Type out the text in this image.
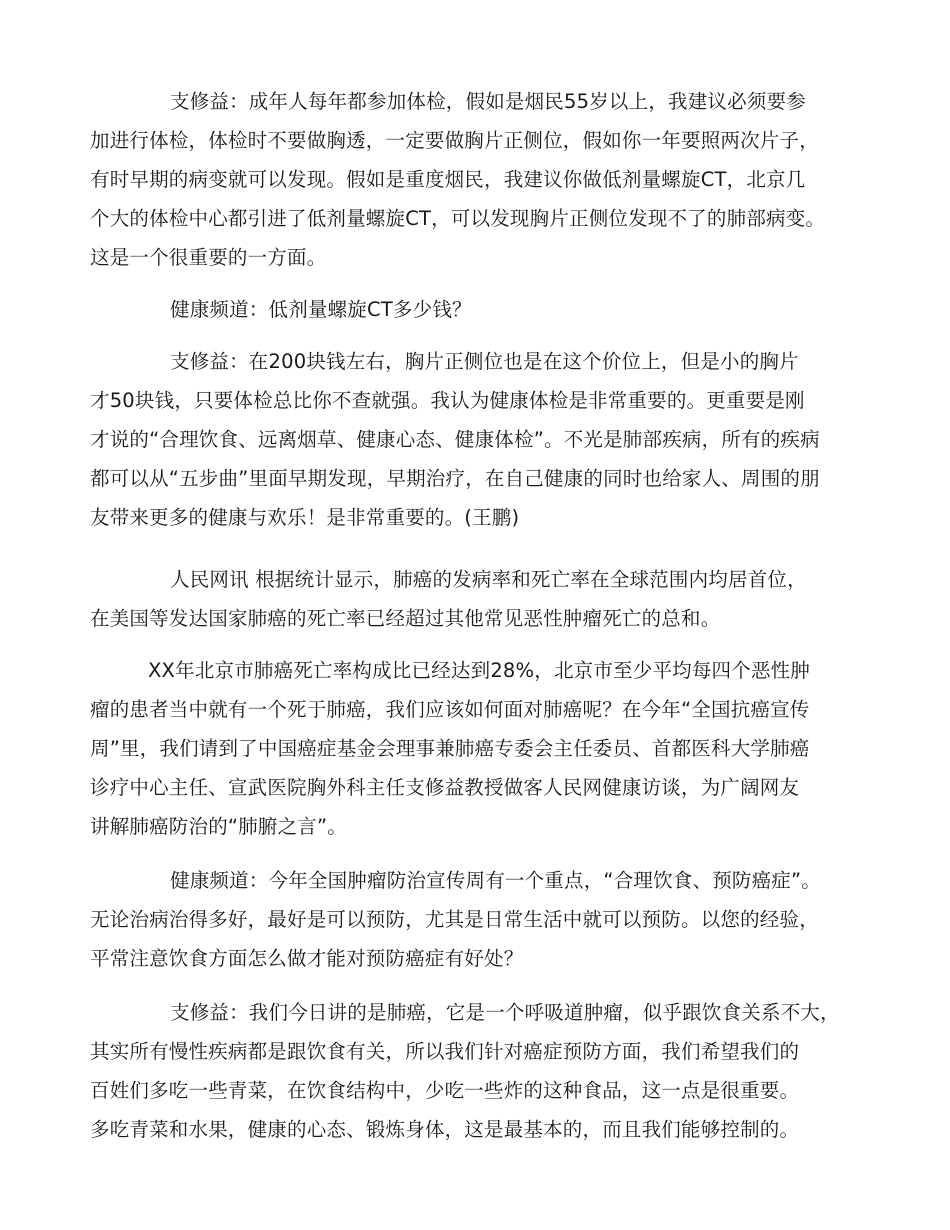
支修益：成年人每年都参加体检，假如是烟民55岁以上，我建议必须要参
加进行体检，体检时不要做胸透，一定要做胸片正侧位，假如你一年要照两次片子，
有时早期的病变就可以发现。假如是重度烟民，我建议你做低剂量螺旋CT，北京几
个大的体检中心都引进了低剂量螺旋CT，可以发现胸片正侧位发现不了的肺部病变。
这是一个很重要的一方面。
健康频道：低剂量螺旋CT多少钱？
支修益：在200块钱左右，胸片正侧位也是在这个价位上，但是小的胸片
才50块钱，只要体检总比你不查就强。我认为健康体检是非常重要的。更重要是刚
才说的“合理饮食、远离烟草、健康心态、健康体检”。不光是肺部疾病，所有的疾病
都可以从“五步曲”里面早期发现，早期治疗，在自己健康的同时也给家人、周围的朋
友带来更多的健康与欢乐！是非常重要的。(王鹏)
人民网讯 根据统计显示，肺癌的发病率和死亡率在全球范围内均居首位，
在美国等发达国家肺癌的死亡率已经超过其他常见恶性肿瘤死亡的总和。
XX年北京市肺癌死亡率构成比已经达到28%，北京市至少平均每四个恶性肿
瘤的患者当中就有一个死于肺癌，我们应该如何面对肺癌呢？在今年“全国抗癌宣传
周”里，我们请到了中国癌症基金会理事兼肺癌专委会主任委员、首都医科大学肺癌
诊疗中心主任、宣武医院胸外科主任支修益教授做客人民网健康访谈，为广阔网友
讲解肺癌防治的“肺腑之言”。
健康频道：今年全国肿瘤防治宣传周有一个重点，“合理饮食、预防癌症”。
无论治病治得多好，最好是可以预防，尤其是日常生活中就可以预防。以您的经验，
平常注意饮食方面怎么做才能对预防癌症有好处？
支修益：我们今日讲的是肺癌，它是一个呼吸道肿瘤，似乎跟饮食关系不大，
其实所有慢性疾病都是跟饮食有关，所以我们针对癌症预防方面，我们希望我们的
百姓们多吃一些青菜，在饮食结构中，少吃一些炸的这种食品，这一点是很重要。
多吃青菜和水果，健康的心态、锻炼身体，这是最基本的，而且我们能够控制的。
